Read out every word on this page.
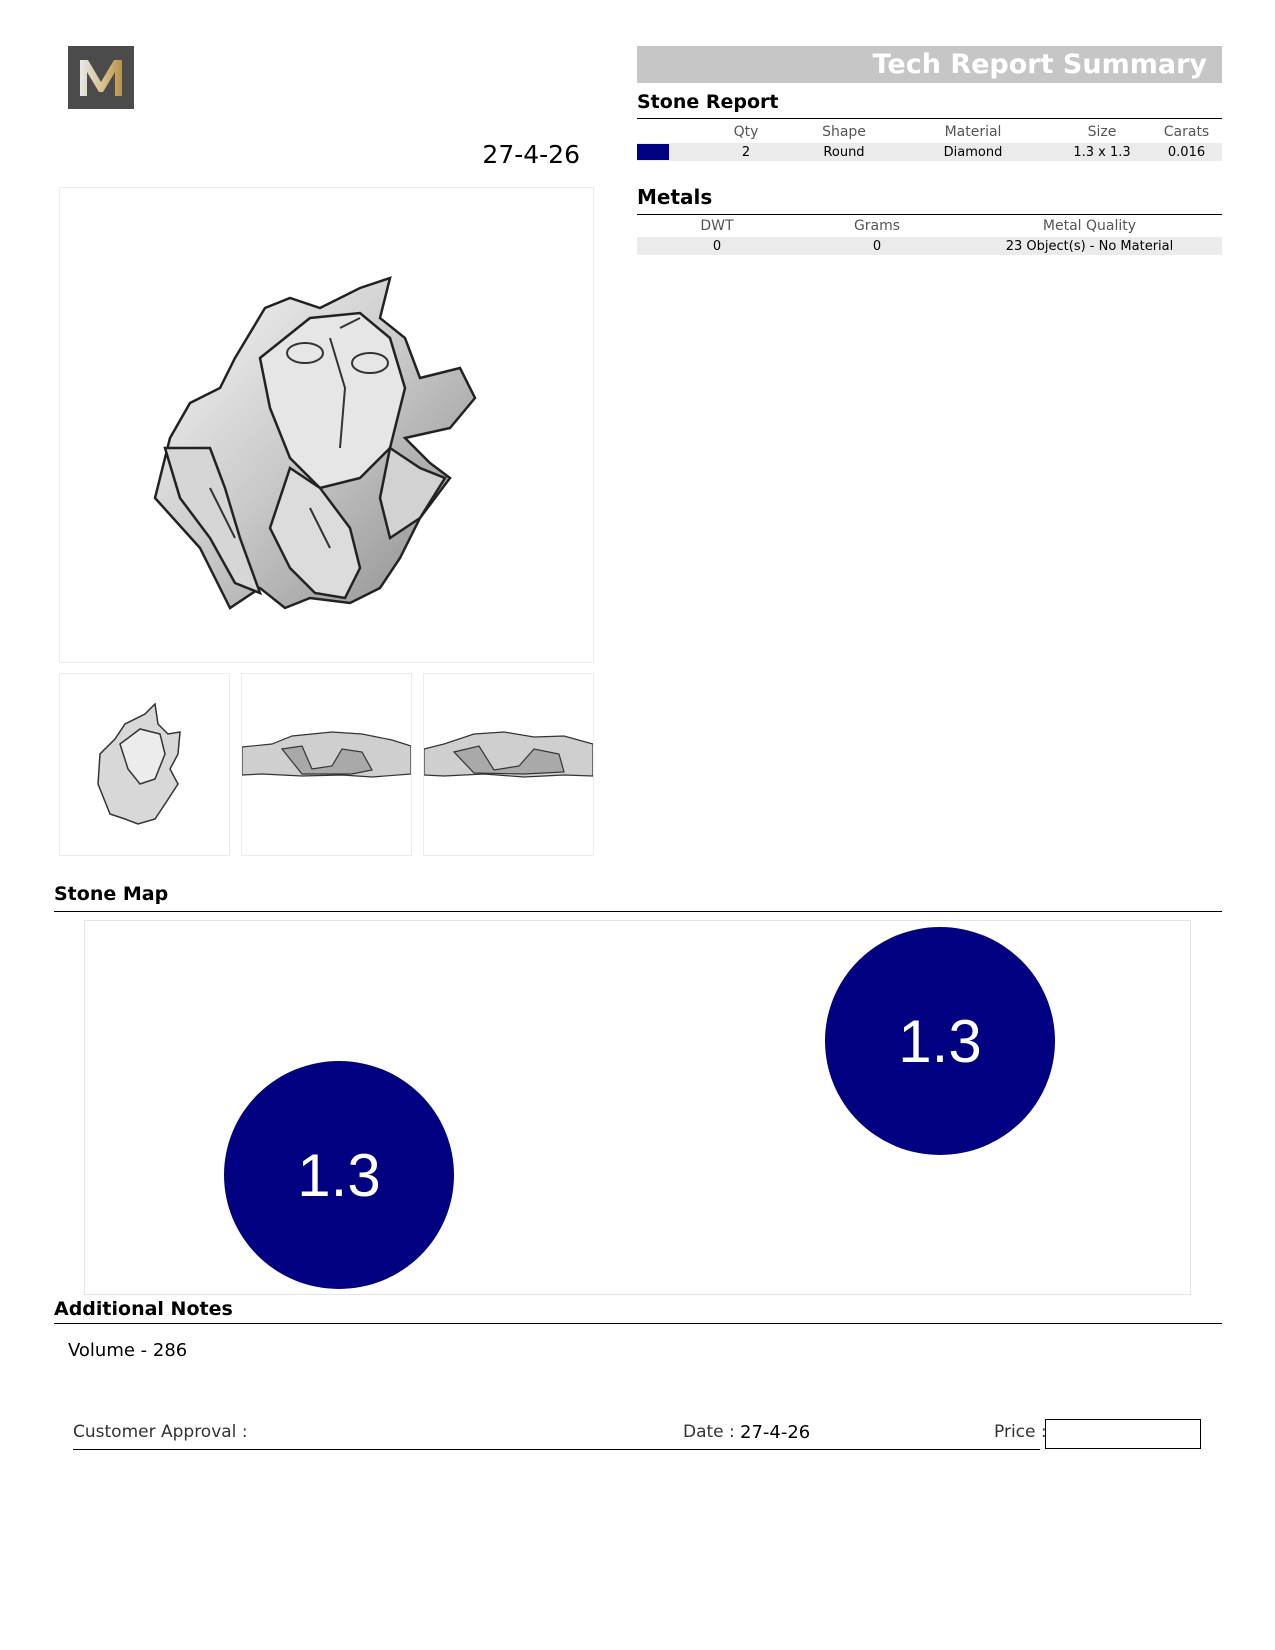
27-4-26
Tech Report Summary
Stone Report
	Qty	Shape	Material	Size	Carats

	2	Round	Diamond	1.3 x 1.3	0.016
Metals
DWT	Grams	Metal Quality
0	0	23 Object(s) - No Material
Stone Map
1.3
1.3
Additional Notes
Volume - 286
Customer Approval :	Date : 27-4-26	Price :
